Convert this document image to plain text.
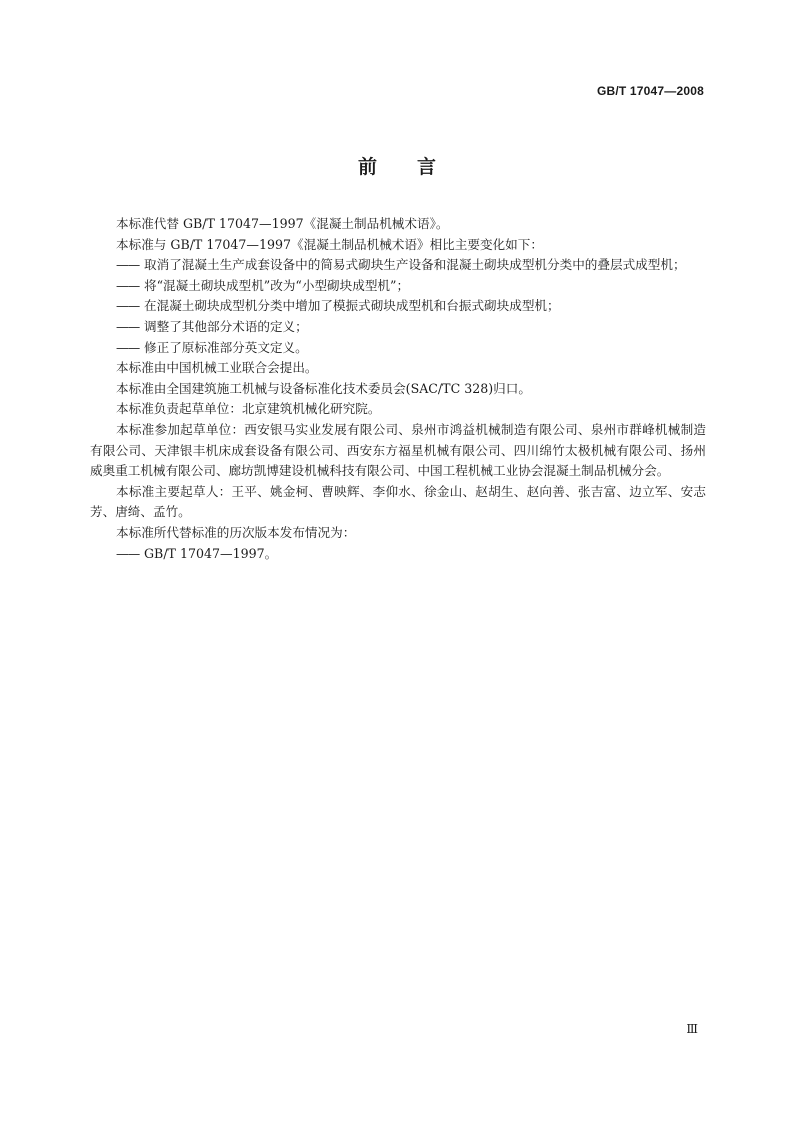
GB/T 17047—2008
前言

本标准代替 GB/T 17047—1997《混凝土制品机械术语》。

本标准与 GB/T 17047—1997《混凝土制品机械术语》相比主要变化如下：

—— 取消了混凝土生产成套设备中的简易式砌块生产设备和混凝土砌块成型机分类中的叠层式成型机；

—— 将“混凝土砌块成型机”改为“小型砌块成型机”；

—— 在混凝土砌块成型机分类中增加了模振式砌块成型机和台振式砌块成型机；

—— 调整了其他部分术语的定义；

—— 修正了原标准部分英文定义。

本标准由中国机械工业联合会提出。

本标准由全国建筑施工机械与设备标准化技术委员会(SAC/TC 328)归口。

本标准负责起草单位：北京建筑机械化研究院。

本标准参加起草单位：西安银马实业发展有限公司、泉州市鸿益机械制造有限公司、泉州市群峰机械制造有限公司、天津银丰机床成套设备有限公司、西安东方福星机械有限公司、四川绵竹太极机械有限公司、扬州威奥重工机械有限公司、廊坊凯博建设机械科技有限公司、中国工程机械工业协会混凝土制品机械分会。

本标准主要起草人：王平、姚金柯、曹映辉、李仰水、徐金山、赵胡生、赵向善、张吉富、边立军、安志芳、唐绮、孟竹。

本标准所代替标准的历次版本发布情况为：

—— GB/T 17047—1997。

Ⅲ
